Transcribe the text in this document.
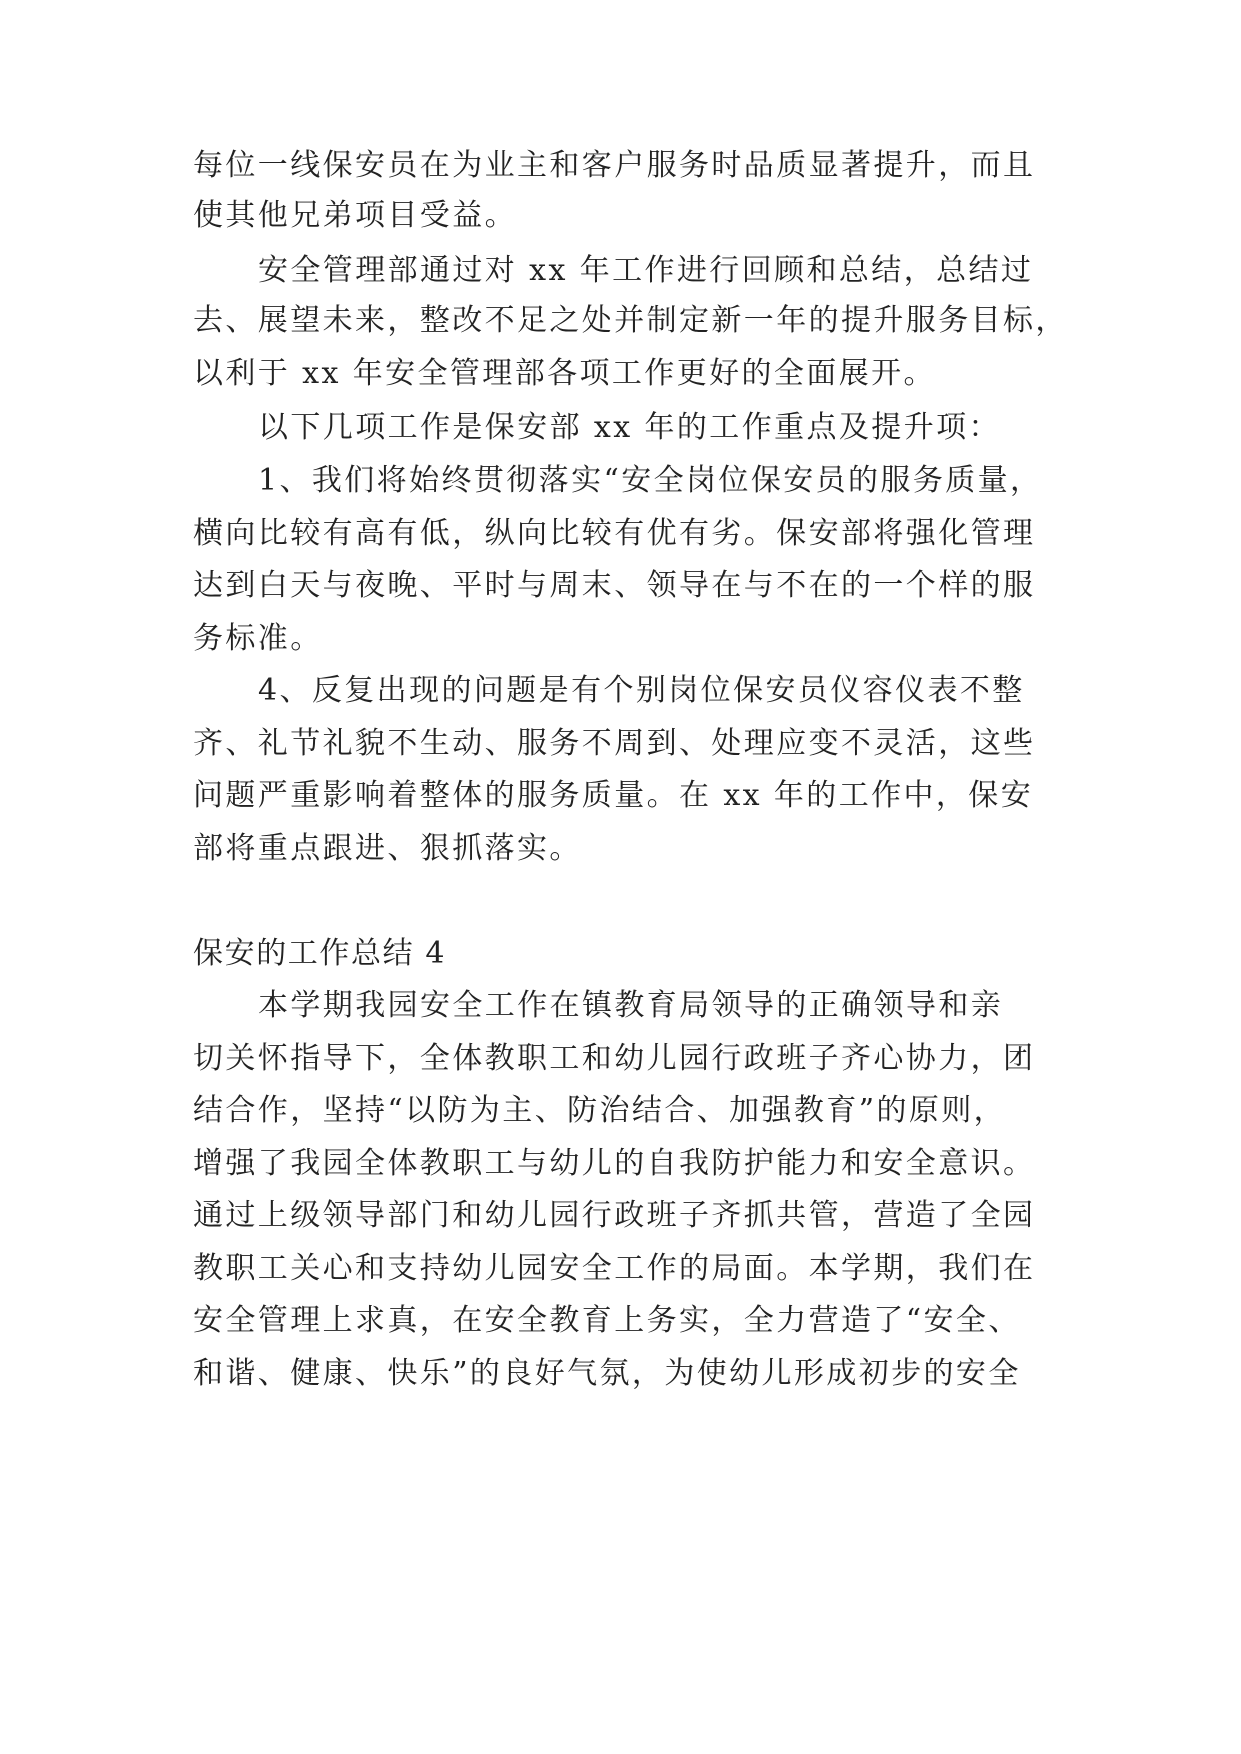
每位一线保安员在为业主和客户服务时品质显著提升，而且
使其他兄弟项目受益。
安全管理部通过对 xx 年工作进行回顾和总结，总结过
去、展望未来，整改不足之处并制定新一年的提升服务目标，
以利于 xx 年安全管理部各项工作更好的全面展开。
以下几项工作是保安部 xx 年的工作重点及提升项：
1、我们将始终贯彻落实“安全岗位保安员的服务质量，
横向比较有高有低，纵向比较有优有劣。保安部将强化管理
达到白天与夜晚、平时与周末、领导在与不在的一个样的服
务标准。
4、反复出现的问题是有个别岗位保安员仪容仪表不整
齐、礼节礼貌不生动、服务不周到、处理应变不灵活，这些
问题严重影响着整体的服务质量。在 xx 年的工作中，保安
部将重点跟进、狠抓落实。
保安的工作总结 4
本学期我园安全工作在镇教育局领导的正确领导和亲
切关怀指导下，全体教职工和幼儿园行政班子齐心协力，团
结合作，坚持“以防为主、防治结合、加强教育”的原则，
增强了我园全体教职工与幼儿的自我防护能力和安全意识。
通过上级领导部门和幼儿园行政班子齐抓共管，营造了全园
教职工关心和支持幼儿园安全工作的局面。本学期，我们在
安全管理上求真，在安全教育上务实，全力营造了“安全、
和谐、健康、快乐”的良好气氛，为使幼儿形成初步的安全
